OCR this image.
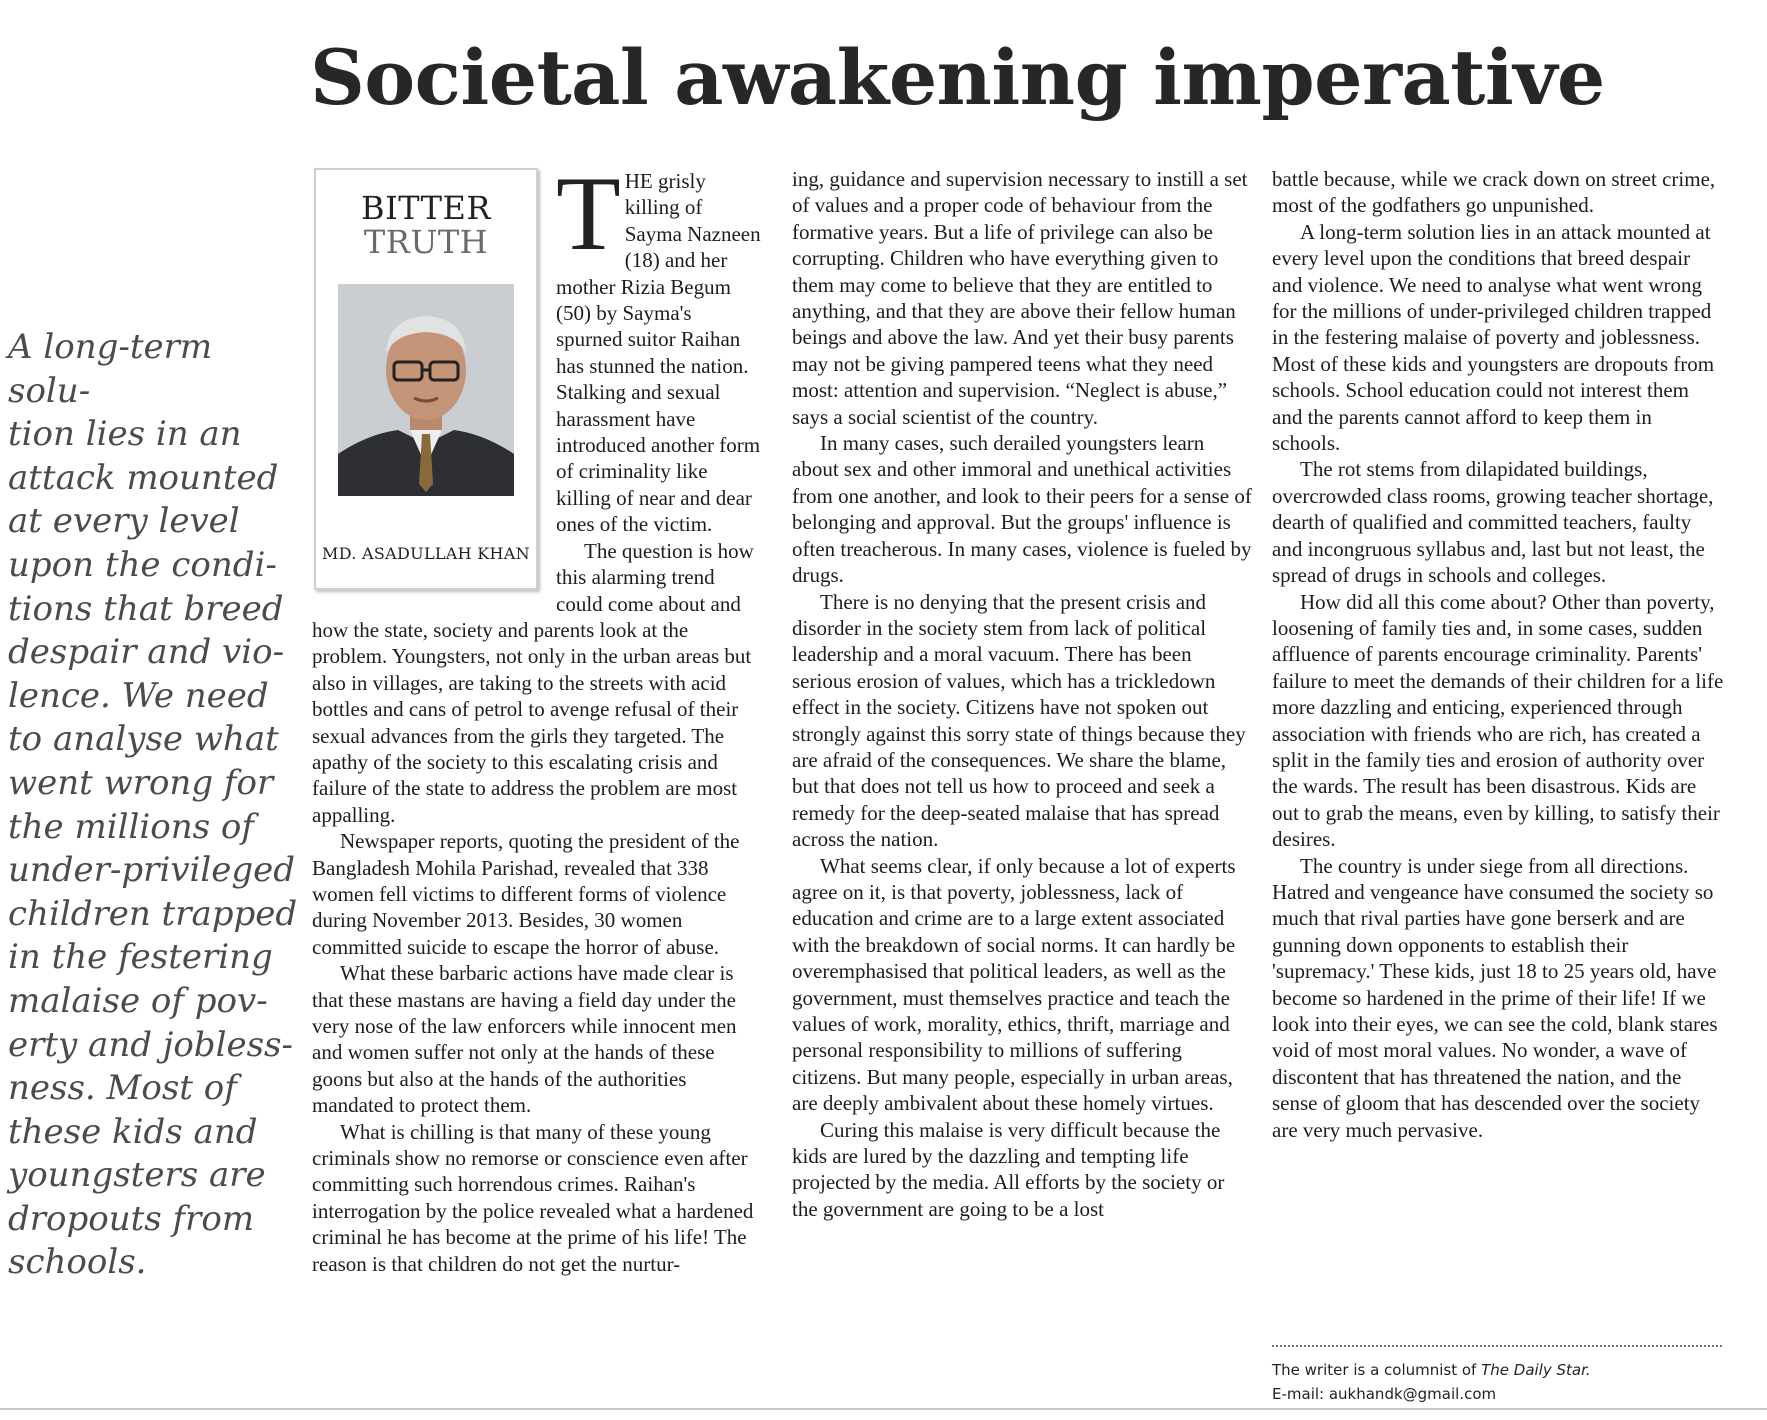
Societal awakening imperative

A long-term solu-
tion lies in an
attack mounted
at every level
upon the condi-
tions that breed
despair and vio-
lence. We need
to analyse what
went wrong for
the millions of
under-privileged
children trapped
in the festering
malaise of pov-
erty and jobless-
ness. Most of
these kids and
youngsters are
dropouts from
schools.

THE grisly killing of Sayma Nazneen (18) and her mother Rizia Begum (50) by Sayma's spurned suitor Raihan has stunned the nation. Stalking and sexual harassment have introduced another form of criminality like killing of near and dear ones of the victim.

The question is how this alarming trend could come about and how the state, society and parents look at the problem. Youngsters, not only in the urban areas but also in villages, are taking to the streets with acid bottles and cans of petrol to avenge refusal of their sexual advances from the girls they targeted. The apathy of the society to this escalating crisis and failure of the state to address the problem are most appalling.

Newspaper reports, quoting the president of the Bangladesh Mohila Parishad, revealed that 338 women fell victims to different forms of violence during November 2013. Besides, 30 women committed suicide to escape the horror of abuse.

What these barbaric actions have made clear is that these mastans are having a field day under the very nose of the law enforcers while innocent men and women suffer not only at the hands of these goons but also at the hands of the authorities mandated to protect them.

What is chilling is that many of these young criminals show no remorse or conscience even after committing such horrendous crimes. Raihan's interrogation by the police revealed what a hardened criminal he has become at the prime of his life! The reason is that children do not get the nurtur-

BITTER
TRUTH
MD. ASADULLAH KHAN

ing, guidance and supervision necessary to instill a set of values and a proper code of behaviour from the formative years. But a life of privilege can also be corrupting. Children who have everything given to them may come to believe that they are entitled to anything, and that they are above their fellow human beings and above the law. And yet their busy parents may not be giving pampered teens what they need most: attention and supervision. “Neglect is abuse,” says a social scientist of the country.

In many cases, such derailed youngsters learn about sex and other immoral and unethical activities from one another, and look to their peers for a sense of belonging and approval. But the groups' influence is often treacherous. In many cases, violence is fueled by drugs.

There is no denying that the present crisis and disorder in the society stem from lack of political leadership and a moral vacuum. There has been serious erosion of values, which has a trickledown effect in the society. Citizens have not spoken out strongly against this sorry state of things because they are afraid of the consequences. We share the blame, but that does not tell us how to proceed and seek a remedy for the deep-seated malaise that has spread across the nation.

What seems clear, if only because a lot of experts agree on it, is that poverty, joblessness, lack of education and crime are to a large extent associated with the breakdown of social norms. It can hardly be overemphasised that political leaders, as well as the government, must themselves practice and teach the values of work, morality, ethics, thrift, marriage and personal responsibility to millions of suffering citizens. But many people, especially in urban areas, are deeply ambivalent about these homely virtues.

Curing this malaise is very difficult because the kids are lured by the dazzling and tempting life projected by the media. All efforts by the society or the government are going to be a lost

battle because, while we crack down on street crime, most of the godfathers go unpunished.

A long-term solution lies in an attack mounted at every level upon the conditions that breed despair and violence. We need to analyse what went wrong for the millions of under-privileged children trapped in the festering malaise of poverty and joblessness. Most of these kids and youngsters are dropouts from schools. School education could not interest them and the parents cannot afford to keep them in schools.

The rot stems from dilapidated buildings, overcrowded class rooms, growing teacher shortage, dearth of qualified and committed teachers, faulty and incongruous syllabus and, last but not least, the spread of drugs in schools and colleges.

How did all this come about? Other than poverty, loosening of family ties and, in some cases, sudden affluence of parents encourage criminality. Parents' failure to meet the demands of their children for a life more dazzling and enticing, experienced through association with friends who are rich, has created a split in the family ties and erosion of authority over the wards. The result has been disastrous. Kids are out to grab the means, even by killing, to satisfy their desires.

The country is under siege from all directions. Hatred and vengeance have consumed the society so much that rival parties have gone berserk and are gunning down opponents to establish their 'supremacy.' These kids, just 18 to 25 years old, have become so hardened in the prime of their life! If we look into their eyes, we can see the cold, blank stares void of most moral values. No wonder, a wave of discontent that has threatened the nation, and the sense of gloom that has descended over the society are very much pervasive.

The writer is a columnist of The Daily Star.
E-mail: aukhandk@gmail.com
